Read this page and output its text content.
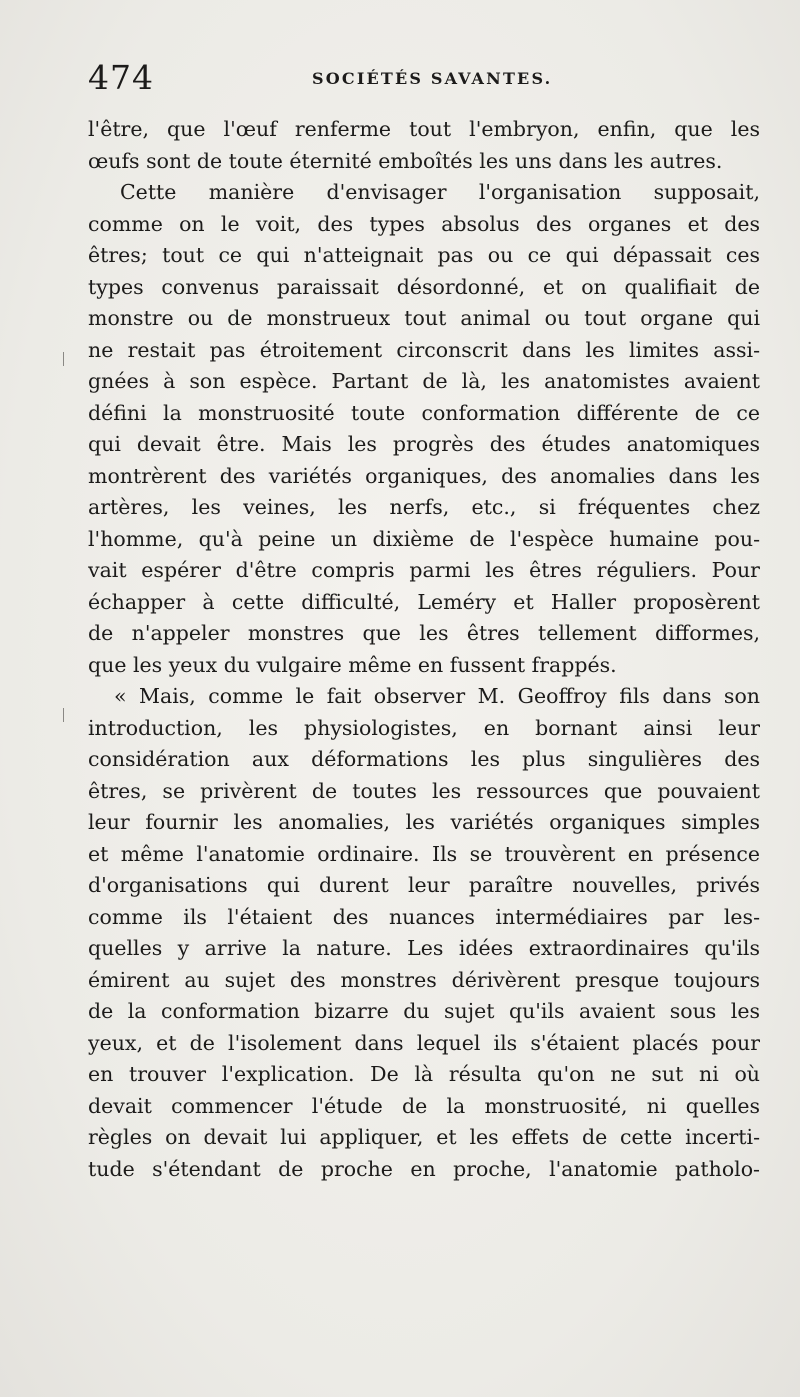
474	SOCIÉTÉS SAVANTES.
l'être, que l'œuf renferme tout l'embryon, enfin, que les
œufs sont de toute éternité emboîtés les uns dans les autres.
Cette manière d'envisager l'organisation supposait,
comme on le voit, des types absolus des organes et des
êtres; tout ce qui n'atteignait pas ou ce qui dépassait ces
types convenus paraissait désordonné, et on qualifiait de
monstre ou de monstrueux tout animal ou tout organe qui
ne restait pas étroitement circonscrit dans les limites assi-
gnées à son espèce. Partant de là, les anatomistes avaient
défini la monstruosité toute conformation différente de ce
qui devait être. Mais les progrès des études anatomiques
montrèrent des variétés organiques, des anomalies dans les
artères, les veines, les nerfs, etc., si fréquentes chez
l'homme, qu'à peine un dixième de l'espèce humaine pou-
vait espérer d'être compris parmi les êtres réguliers. Pour
échapper à cette difficulté, Leméry et Haller proposèrent
de n'appeler monstres que les êtres tellement difformes,
que les yeux du vulgaire même en fussent frappés.
« Mais, comme le fait observer M. Geoffroy fils dans son
introduction, les physiologistes, en bornant ainsi leur
considération aux déformations les plus singulières des
êtres, se privèrent de toutes les ressources que pouvaient
leur fournir les anomalies, les variétés organiques simples
et même l'anatomie ordinaire. Ils se trouvèrent en présence
d'organisations qui durent leur paraître nouvelles, privés
comme ils l'étaient des nuances intermédiaires par les-
quelles y arrive la nature. Les idées extraordinaires qu'ils
émirent au sujet des monstres dérivèrent presque toujours
de la conformation bizarre du sujet qu'ils avaient sous les
yeux, et de l'isolement dans lequel ils s'étaient placés pour
en trouver l'explication. De là résulta qu'on ne sut ni où
devait commencer l'étude de la monstruosité, ni quelles
règles on devait lui appliquer, et les effets de cette incerti-
tude s'étendant de proche en proche, l'anatomie patholo-
